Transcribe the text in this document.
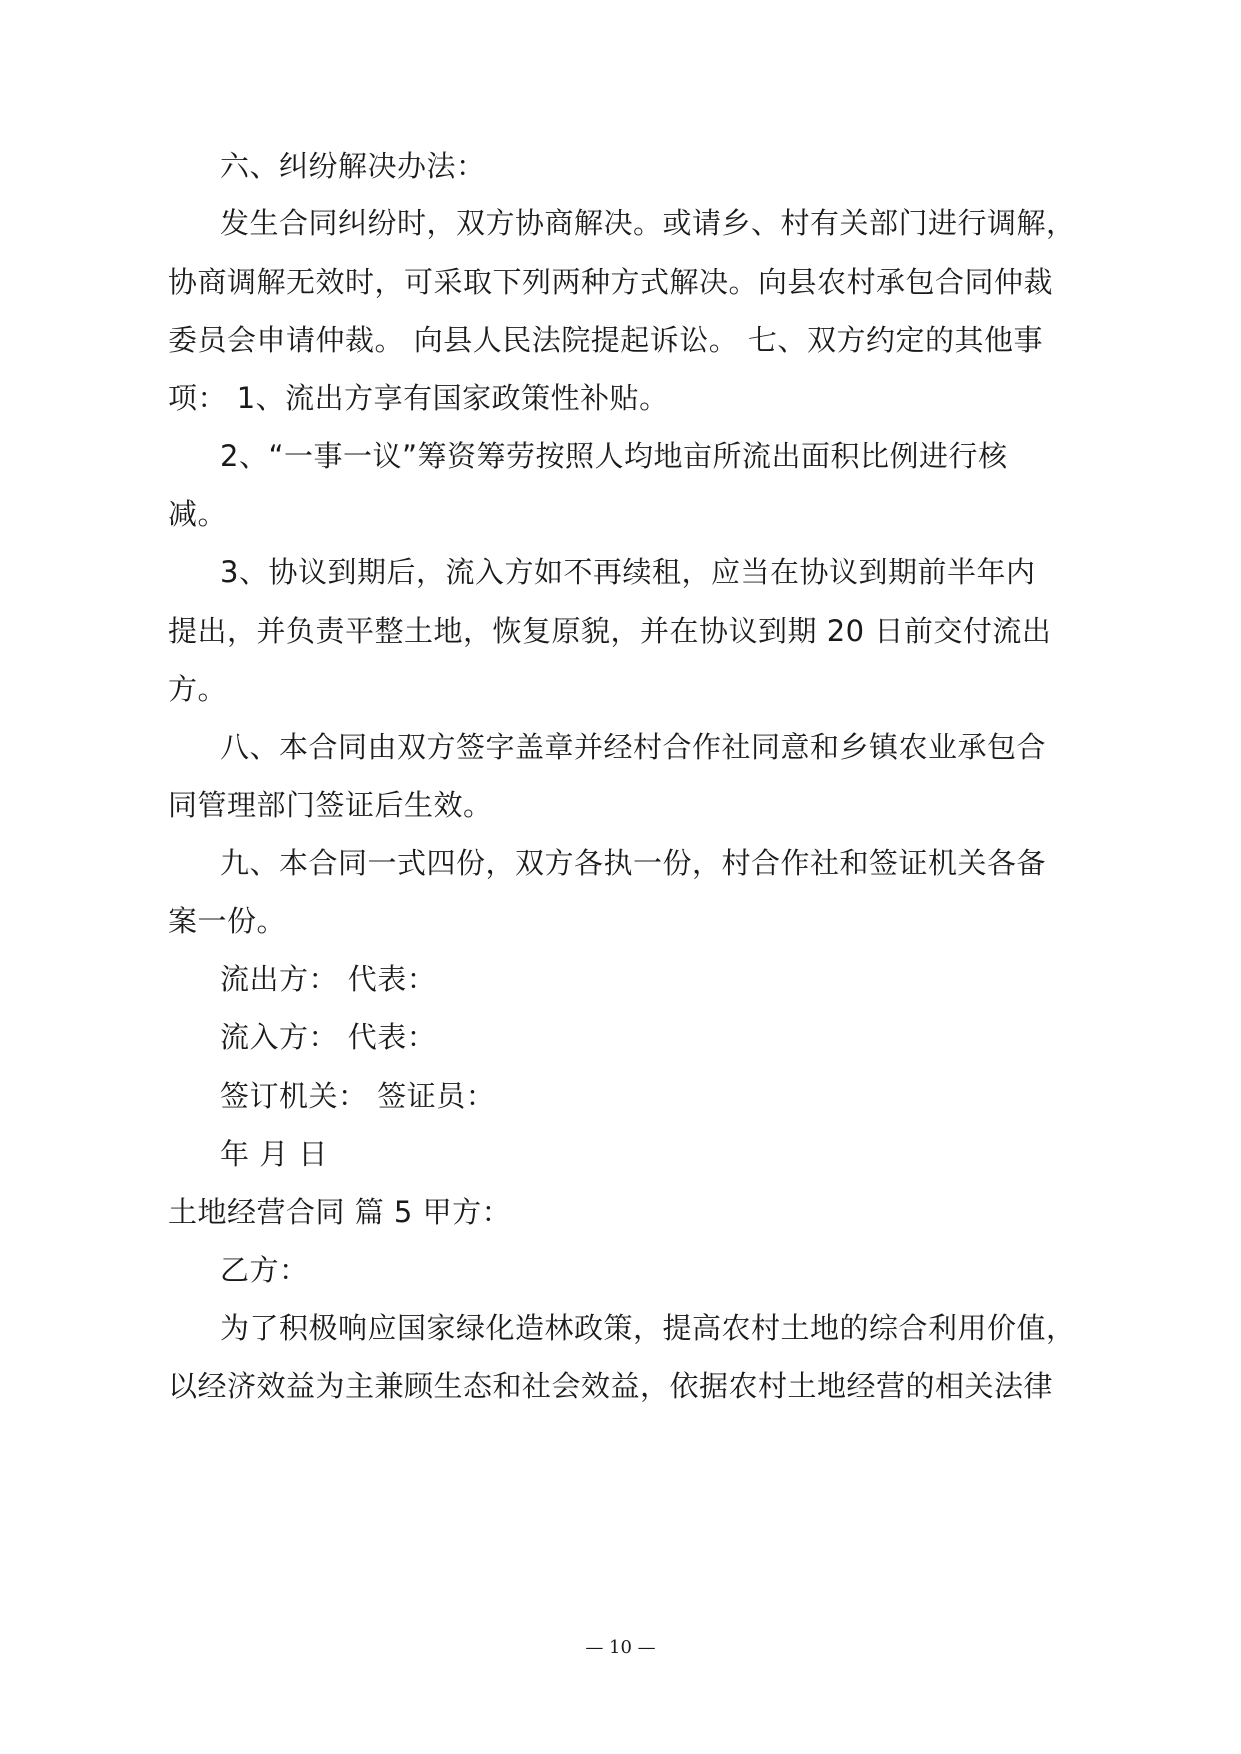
六、纠纷解决办法：
发生合同纠纷时，双方协商解决。或请乡、村有关部门进行调解，
协商调解无效时，可采取下列两种方式解决。向县农村承包合同仲裁
委员会申请仲裁。 向县人民法院提起诉讼。 七、双方约定的其他事
项： 1、流出方享有国家政策性补贴。
2、“一事一议”筹资筹劳按照人均地亩所流出面积比例进行核
减。
3、协议到期后，流入方如不再续租，应当在协议到期前半年内
提出，并负责平整土地，恢复原貌，并在协议到期 20 日前交付流出
方。
八、本合同由双方签字盖章并经村合作社同意和乡镇农业承包合
同管理部门签证后生效。
九、本合同一式四份，双方各执一份，村合作社和签证机关各备
案一份。
流出方： 代表：
流入方： 代表：
签订机关： 签证员：
年 月 日
土地经营合同 篇 5 甲方：
乙方：
为了积极响应国家绿化造林政策，提高农村土地的综合利用价值，
以经济效益为主兼顾生态和社会效益，依据农村土地经营的相关法律
— 10 —
